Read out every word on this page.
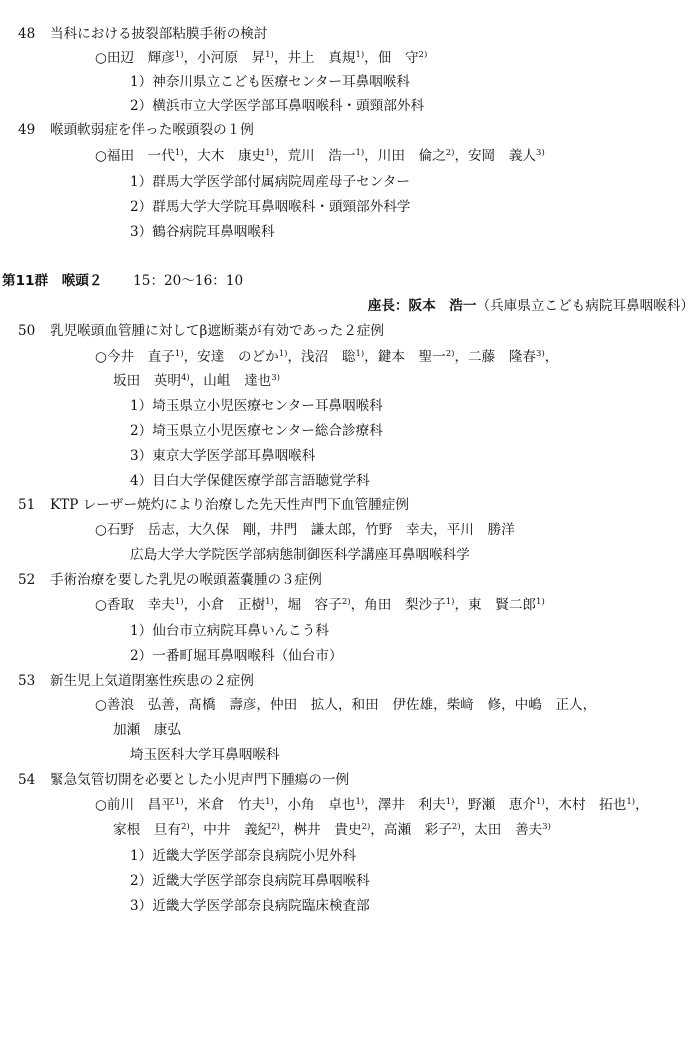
48	当科における披裂部粘膜手術の検討
○田辺　輝彦$^{1)}$，小河原　昇$^{1)}$，井上　真規$^{1)}$，佃　守$^{2)}$
1）神奈川県立こども医療センター耳鼻咽喉科
2）横浜市立大学医学部耳鼻咽喉科・頭頸部外科
49	喉頭軟弱症を伴った喉頭裂の１例
○福田　一代$^{1)}$，大木　康史$^{1)}$，荒川　浩一$^{1)}$，川田　倫之$^{2)}$，安岡　義人$^{3)}$
1）群馬大学医学部付属病院周産母子センター
2）群馬大学大学院耳鼻咽喉科・頭頸部外科学
3）鶴谷病院耳鼻咽喉科
第11群　喉頭２ 15：20〜16：10
座長：阪本　浩一（兵庫県立こども病院耳鼻咽喉科）
50	乳児喉頭血管腫に対してβ遮断薬が有効であった２症例
○今井　直子$^{1)}$，安達　のどか$^{1)}$，浅沼　聡$^{1)}$，鍵本　聖一$^{2)}$，二藤　隆春$^{3)}$，
坂田　英明$^{4)}$，山岨　達也$^{3)}$
1）埼玉県立小児医療センター耳鼻咽喉科
2）埼玉県立小児医療センター総合診療科
3）東京大学医学部耳鼻咽喉科
4）目白大学保健医療学部言語聴覚学科
51	KTP レーザー焼灼により治療した先天性声門下血管腫症例
○石野　岳志，大久保　剛，井門　謙太郎，竹野　幸夫，平川　勝洋
広島大学大学院医学部病態制御医科学講座耳鼻咽喉科学
52	手術治療を要した乳児の喉頭蓋嚢腫の３症例
○香取　幸夫$^{1)}$，小倉　正樹$^{1)}$，堀　容子$^{2)}$，角田　梨沙子$^{1)}$，東　賢二郎$^{1)}$
1）仙台市立病院耳鼻いんこう科
2）一番町堀耳鼻咽喉科（仙台市）
53	新生児上気道閉塞性疾患の２症例
○善浪　弘善，髙橋　壽彦，仲田　拡人，和田　伊佐雄，柴﨑　修，中嶋　正人，
加瀬　康弘
埼玉医科大学耳鼻咽喉科
54	緊急気管切開を必要とした小児声門下腫瘍の一例
○前川　昌平$^{1)}$，米倉　竹夫$^{1)}$，小角　卓也$^{1)}$，澤井　利夫$^{1)}$，野瀬　恵介$^{1)}$，木村　拓也$^{1)}$，
家根　旦有$^{2)}$，中井　義紀$^{2)}$，桝井　貴史$^{2)}$，高瀬　彩子$^{2)}$，太田　善夫$^{3)}$
1）近畿大学医学部奈良病院小児外科
2）近畿大学医学部奈良病院耳鼻咽喉科
3）近畿大学医学部奈良病院臨床検査部
